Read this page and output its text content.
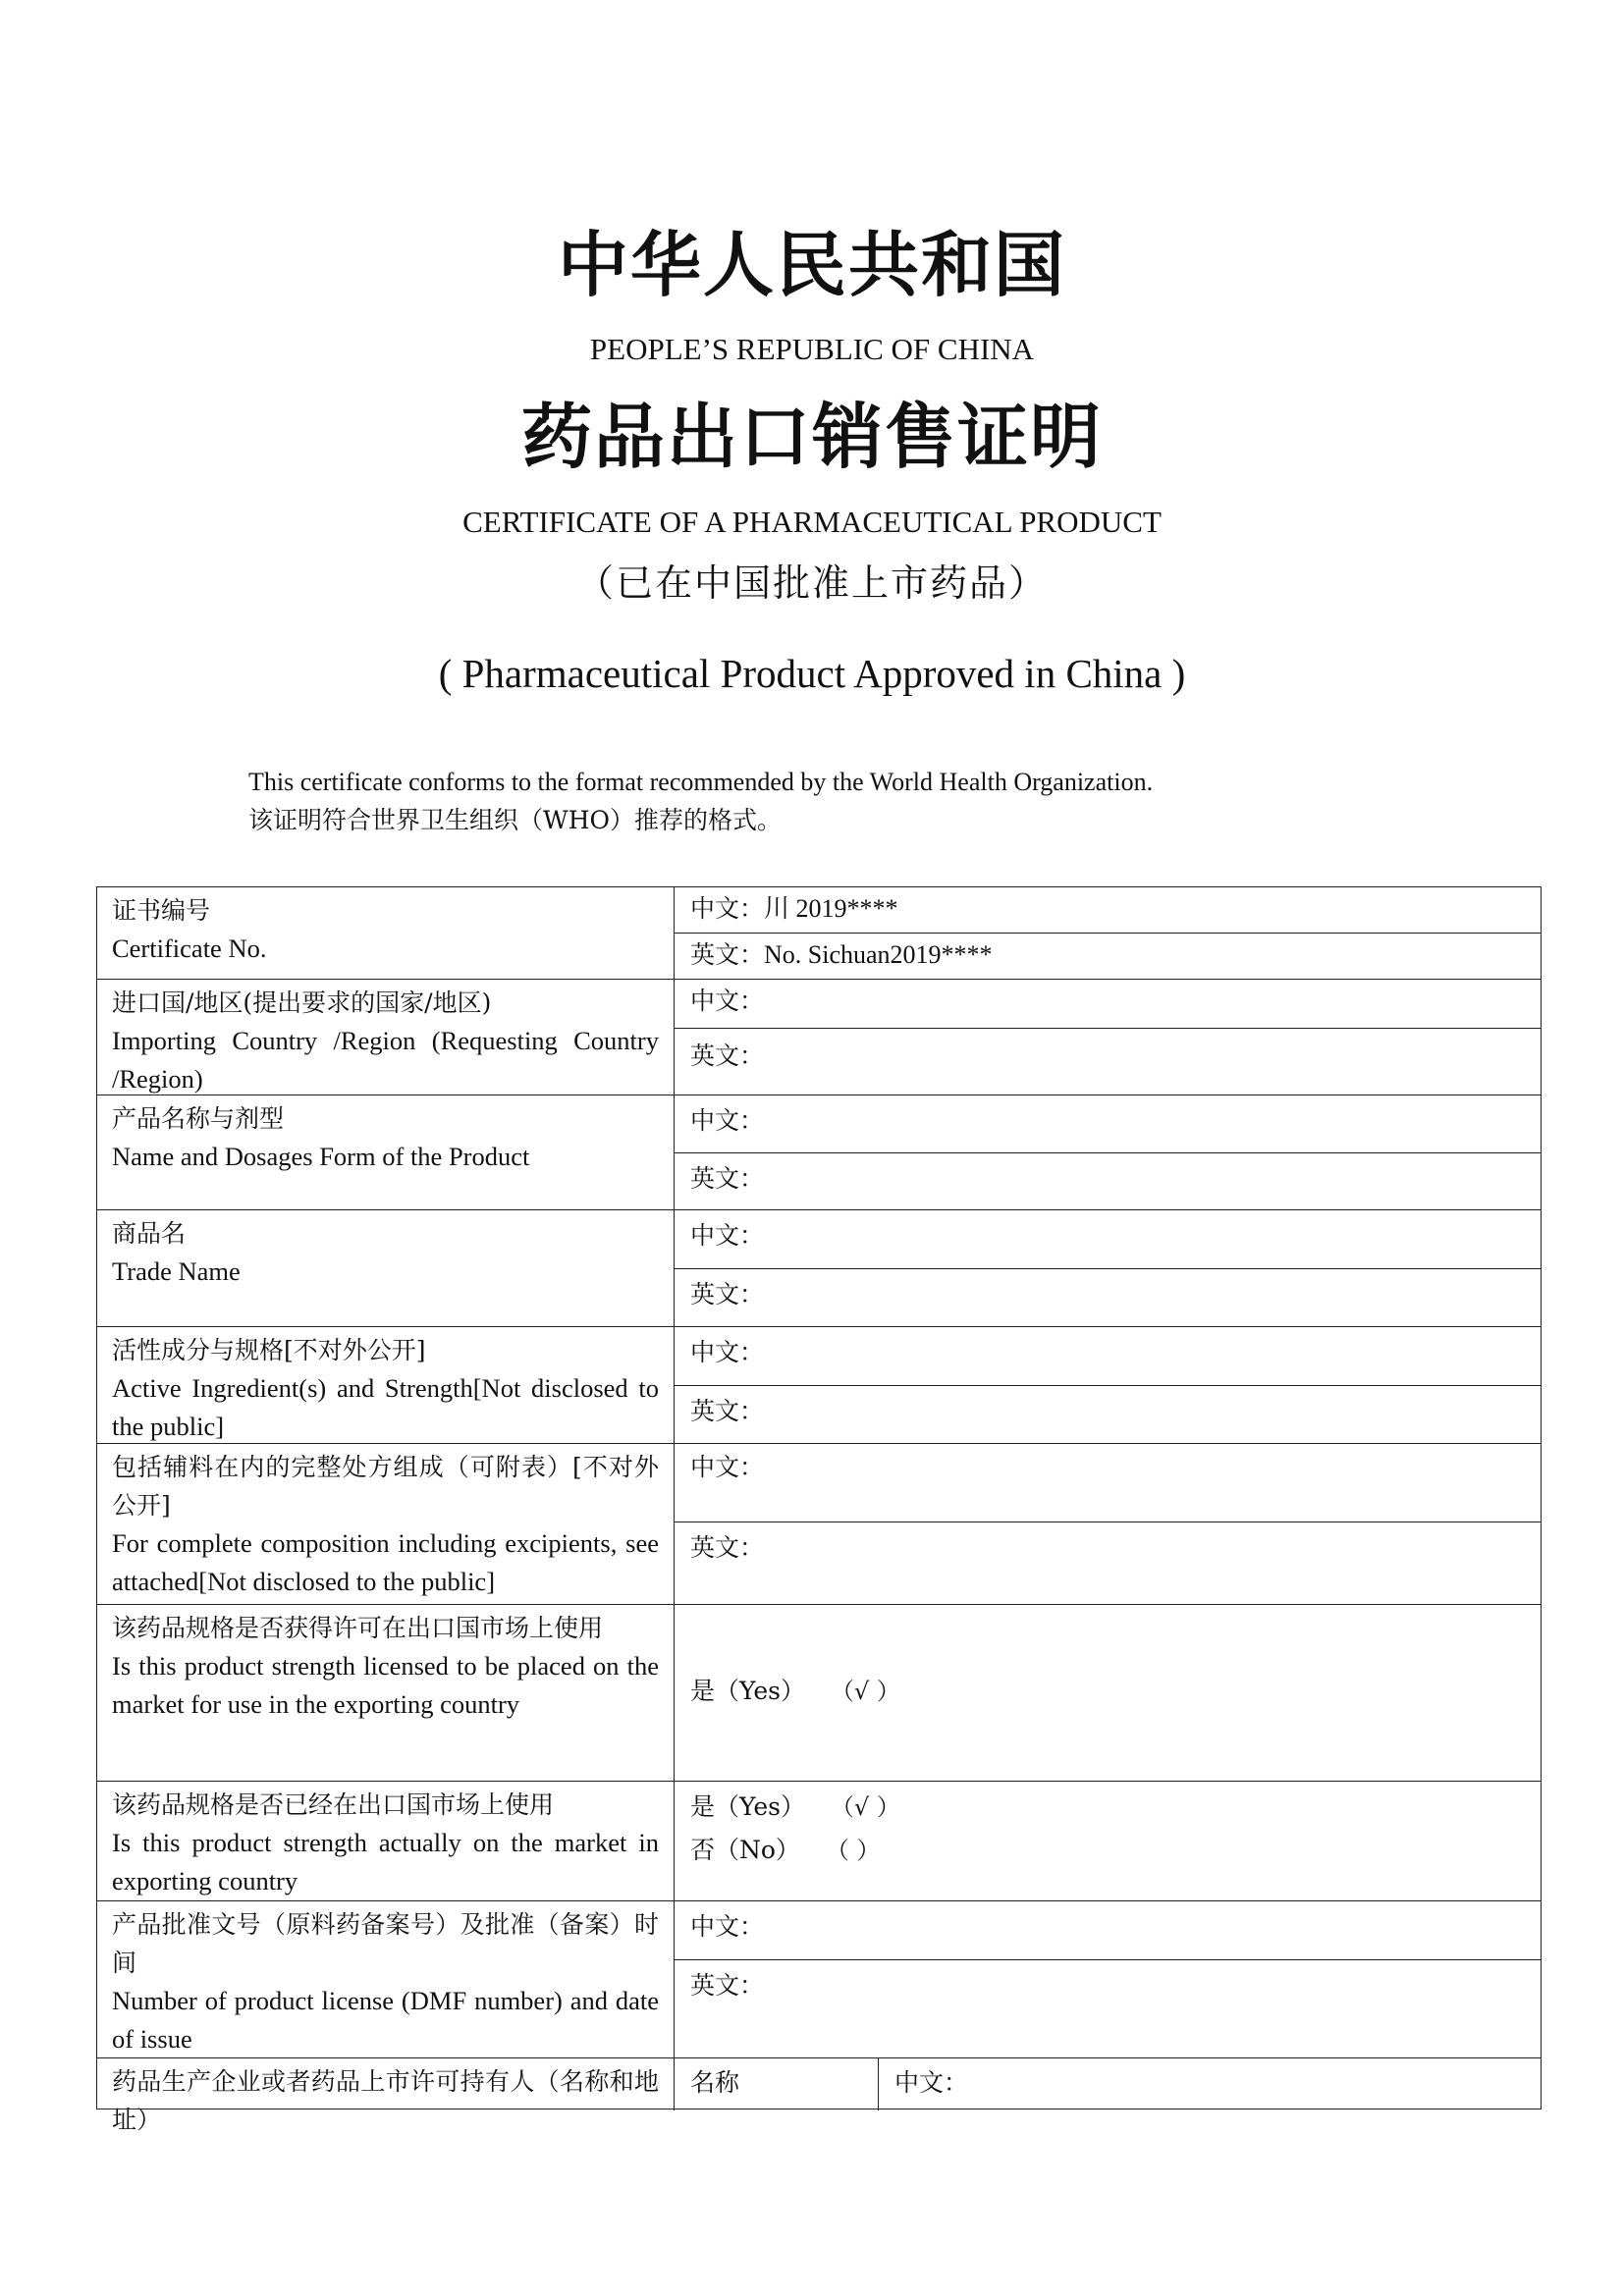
中华人民共和国
PEOPLE’S REPUBLIC OF CHINA
药品出口销售证明
CERTIFICATE OF A PHARMACEUTICAL PRODUCT
（已在中国批准上市药品）
( Pharmaceutical Product Approved in China )
This certificate conforms to the format recommended by the World Health Organization.
该证明符合世界卫生组织（WHO）推荐的格式。
证书编号
Certificate No.
中文：川 2019****
英文：No. Sichuan2019****
进口国/地区(提出要求的国家/地区)
Importing Country /Region (Requesting Country /Region)
中文：
英文：
产品名称与剂型
Name and Dosages Form of the Product
中文：
英文：
商品名
Trade Name
中文：
英文：
活性成分与规格[不对外公开]
Active Ingredient(s) and Strength[Not disclosed to the public]
中文：
英文：
包括辅料在内的完整处方组成（可附表）[不对外公开]
For complete composition including excipients, see attached[Not disclosed to the public]
中文：
英文：
该药品规格是否获得许可在出口国市场上使用
Is this product strength licensed to be placed on the market for use in the exporting country	是（Yes） （√ ）
该药品规格是否已经在出口国市场上使用
Is this product strength actually on the market in exporting country
是（Yes） （√ ）
否（No） （ ）
产品批准文号（原料药备案号）及批准（备案）时间
Number of product license (DMF number) and date of issue
中文：
英文：
药品生产企业或者药品上市许可持有人（名称和地址）
名称	中文：
